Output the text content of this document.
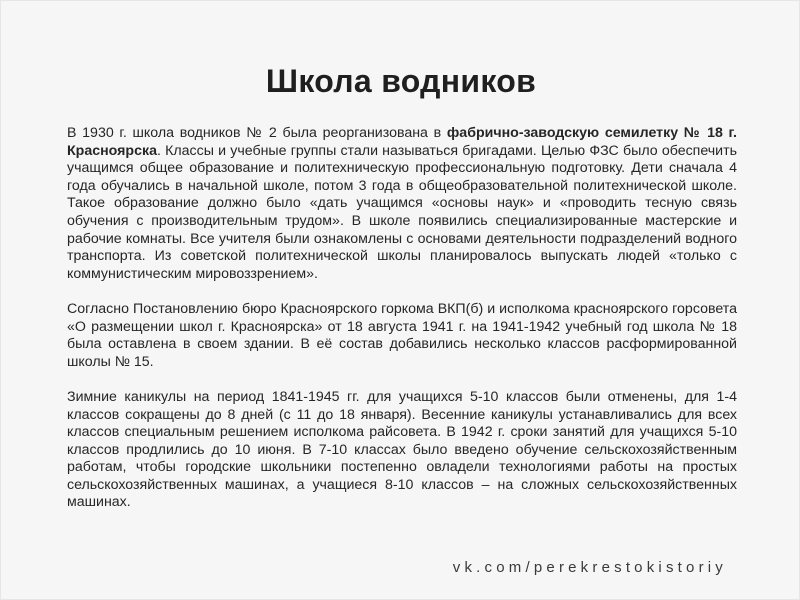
Школа водников

В 1930 г. школа водников № 2 была реорганизована в фабрично-заводскую семилетку № 18 г. Красноярска. Классы и учебные группы стали называться бригадами. Целью ФЗС было обеспечить учащимся общее образование и политехническую профессиональную подготовку. Дети сначала 4 года обучались в начальной школе, потом 3 года в общеобразовательной политехнической школе. Такое образование должно было «дать учащимся «основы наук» и «проводить тесную связь обучения с производительным трудом». В школе появились специализированные мастерские и рабочие комнаты. Все учителя были ознакомлены с основами деятельности подразделений водного транспорта. Из советской политехнической школы планировалось выпускать людей «только с коммунистическим мировоззрением».

Согласно Постановлению бюро Красноярского горкома ВКП(б) и исполкома красноярского горсовета «О размещении школ г. Красноярска» от 18 августа 1941 г. на 1941-1942 учебный год школа № 18 была оставлена в своем здании. В её состав добавились несколько классов расформированной школы № 15.

Зимние каникулы на период 1841-1945 гг. для учащихся 5-10 классов были отменены, для 1-4 классов сокращены до 8 дней (с 11 до 18 января). Весенние каникулы устанавливались для всех классов специальным решением исполкома райсовета. В 1942 г. сроки занятий для учащихся 5-10 классов продлились до 10 июня. В 7-10 классах было введено обучение сельскохозяйственным работам, чтобы городские школьники постепенно овладели технологиями работы на простых сельскохозяйственных машинах, а учащиеся 8-10 классов – на сложных сельскохозяйственных машинах.

vk.com/perekrestokistoriy
